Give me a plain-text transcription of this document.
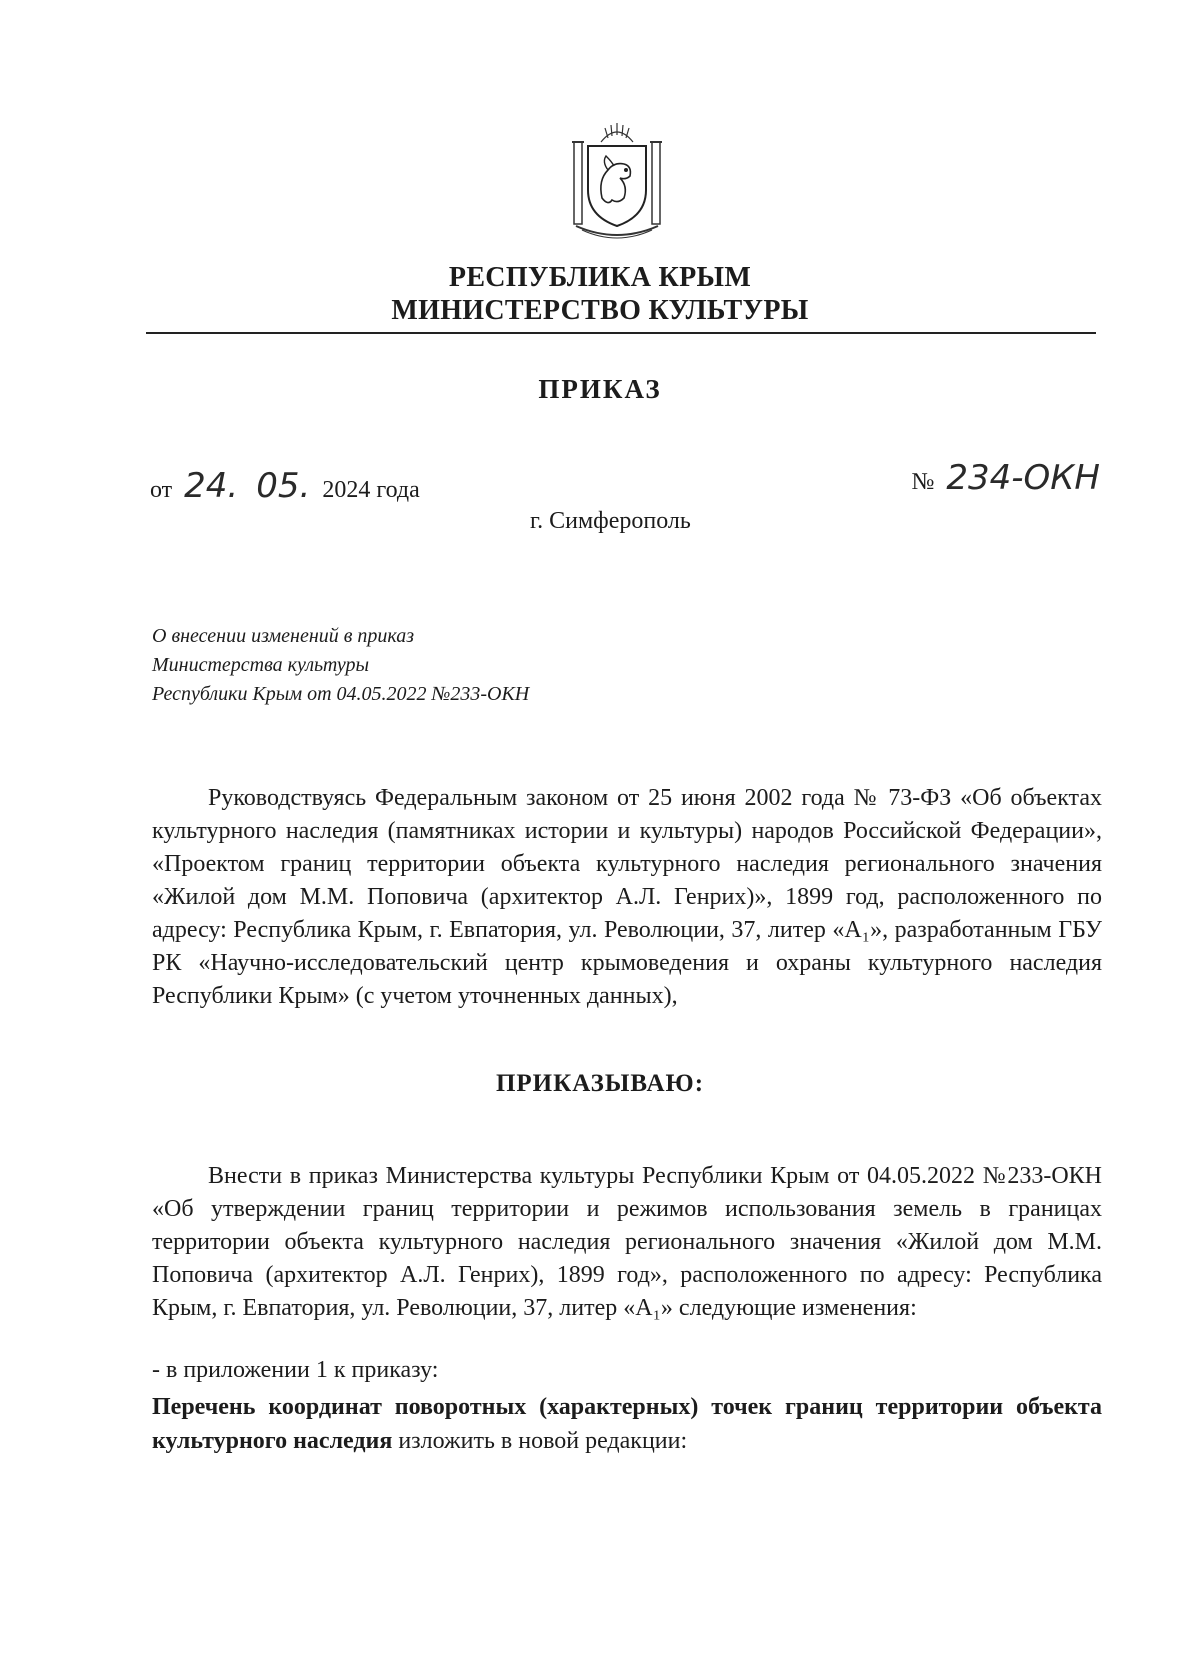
РЕСПУБЛИКА КРЫМ
МИНИСТЕРСТВО КУЛЬТУРЫ
ПРИКАЗ
от 24. 05. 2024 года	№ 234-ОКН
г. Симферополь
О внесении изменений в приказ
Министерства культуры
Республики Крым от 04.05.2022 №233-ОКН
Руководствуясь Федеральным законом от 25 июня 2002 года № 73-ФЗ «Об объектах культурного наследия (памятниках истории и культуры) народов Российской Федерации», «Проектом границ территории объекта культурного наследия регионального значения «Жилой дом М.М. Поповича (архитектор А.Л. Генрих)», 1899 год, расположенного по адресу: Республика Крым, г. Евпатория, ул. Революции, 37, литер «А₁», разработанным ГБУ РК «Научно-исследовательский центр крымоведения и охраны культурного наследия Республики Крым» (с учетом уточненных данных),
ПРИКАЗЫВАЮ:
Внести в приказ Министерства культуры Республики Крым от 04.05.2022 №233-ОКН «Об утверждении границ территории и режимов использования земель в границах территории объекта культурного наследия регионального значения «Жилой дом М.М. Поповича (архитектор А.Л. Генрих), 1899 год», расположенного по адресу: Республика Крым, г. Евпатория, ул. Революции, 37, литер «А₁» следующие изменения:
- в приложении 1 к приказу:
Перечень координат поворотных (характерных) точек границ территории объекта культурного наследия изложить в новой редакции:
